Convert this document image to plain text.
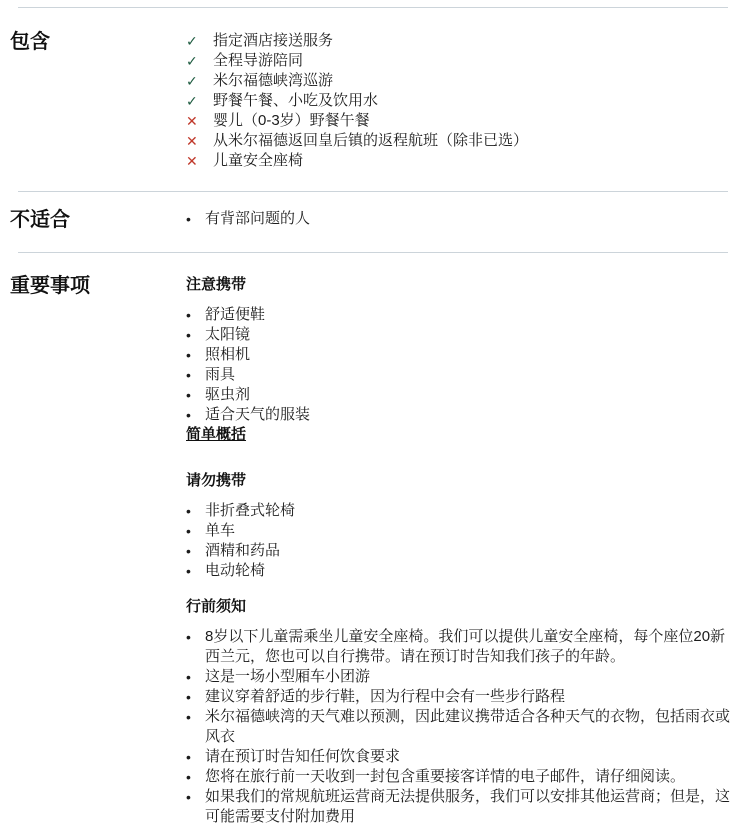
包含	✓	指定酒店接送服务
✓	全程导游陪同
✓	米尔福德峡湾巡游
✓	野餐午餐、小吃及饮用水
✕	婴儿（0-3岁）野餐午餐
✕	从米尔福德返回皇后镇的返程航班（除非已选）
✕	儿童安全座椅
不适合	• 有背部问题的人
重要事项	注意携带
• 舒适便鞋
• 太阳镜
• 照相机
• 雨具
• 驱虫剂
• 适合天气的服装
简单概括
请勿携带
• 非折叠式轮椅
• 单车
• 酒精和药品
• 电动轮椅
行前须知
• 8岁以下儿童需乘坐儿童安全座椅。我们可以提供儿童安全座椅，每个座位20新西兰元，您也可以自行携带。请在预订时告知我们孩子的年龄。
• 这是一场小型厢车小团游
• 建议穿着舒适的步行鞋，因为行程中会有一些步行路程
• 米尔福德峡湾的天气难以预测，因此建议携带适合各种天气的衣物，包括雨衣或风衣
• 请在预订时告知任何饮食要求
• 您将在旅行前一天收到一封包含重要接客详情的电子邮件，请仔细阅读。
• 如果我们的常规航班运营商无法提供服务，我们可以安排其他运营商；但是，这可能需要支付附加费用
